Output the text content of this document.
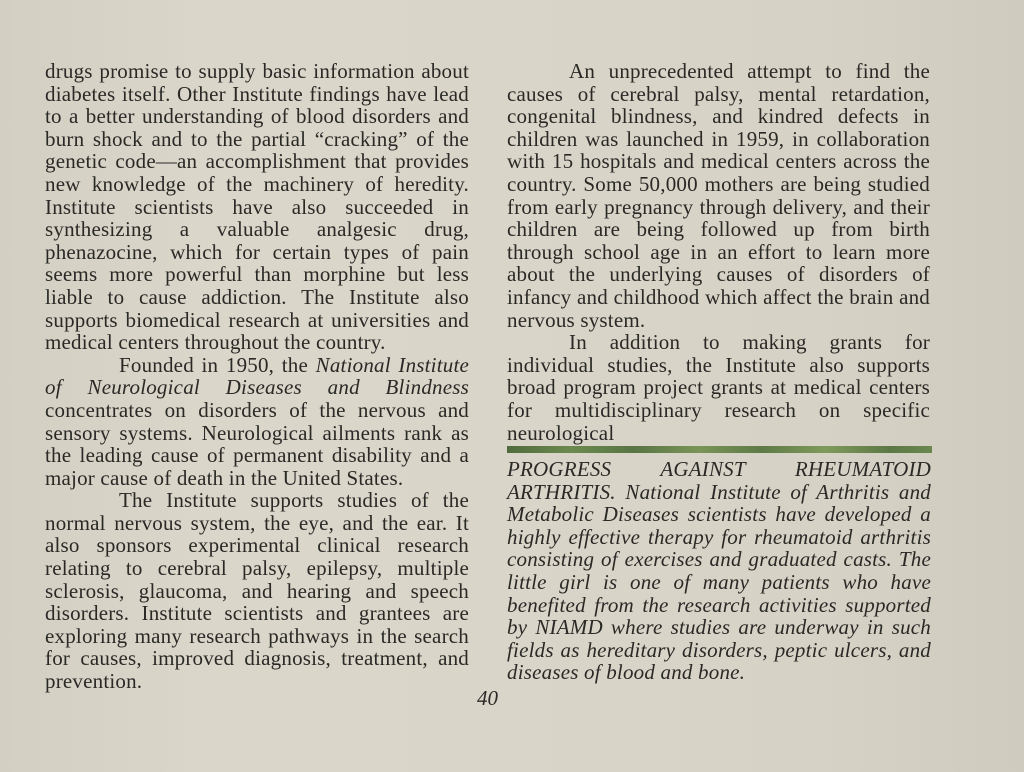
drugs promise to supply basic information about diabetes itself. Other Institute findings have lead to a better understanding of blood disorders and burn shock and to the partial “cracking” of the genetic code—an accomplishment that provides new knowledge of the machinery of heredity. Institute scientists have also succeeded in synthesizing a valuable analgesic drug, phenazocine, which for certain types of pain seems more powerful than morphine but less liable to cause addiction. The Institute also supports biomedical research at universities and medical centers throughout the country.

Founded in 1950, the National Institute of Neurological Diseases and Blindness concentrates on disorders of the nervous and sensory systems. Neurological ailments rank as the leading cause of permanent disability and a major cause of death in the United States.

The Institute supports studies of the normal nervous system, the eye, and the ear. It also sponsors experimental clinical research relating to cerebral palsy, epilepsy, multiple sclerosis, glaucoma, and hearing and speech disorders. Institute scientists and grantees are exploring many research pathways in the search for causes, improved diagnosis, treatment, and prevention.

An unprecedented attempt to find the causes of cerebral palsy, mental retardation, congenital blindness, and kindred defects in children was launched in 1959, in collaboration with 15 hospitals and medical centers across the country. Some 50,000 mothers are being studied from early pregnancy through delivery, and their children are being followed up from birth through school age in an effort to learn more about the underlying causes of disorders of infancy and childhood which affect the brain and nervous system.

In addition to making grants for individual studies, the Institute also supports broad program project grants at medical centers for multidisciplinary research on specific neurological

PROGRESS AGAINST RHEUMATOID ARTHRITIS. National Institute of Arthritis and Metabolic Diseases scientists have developed a highly effective therapy for rheumatoid arthritis consisting of exercises and graduated casts. The little girl is one of many patients who have benefited from the research activities supported by NIAMD where studies are underway in such fields as hereditary disorders, peptic ulcers, and diseases of blood and bone.
40
